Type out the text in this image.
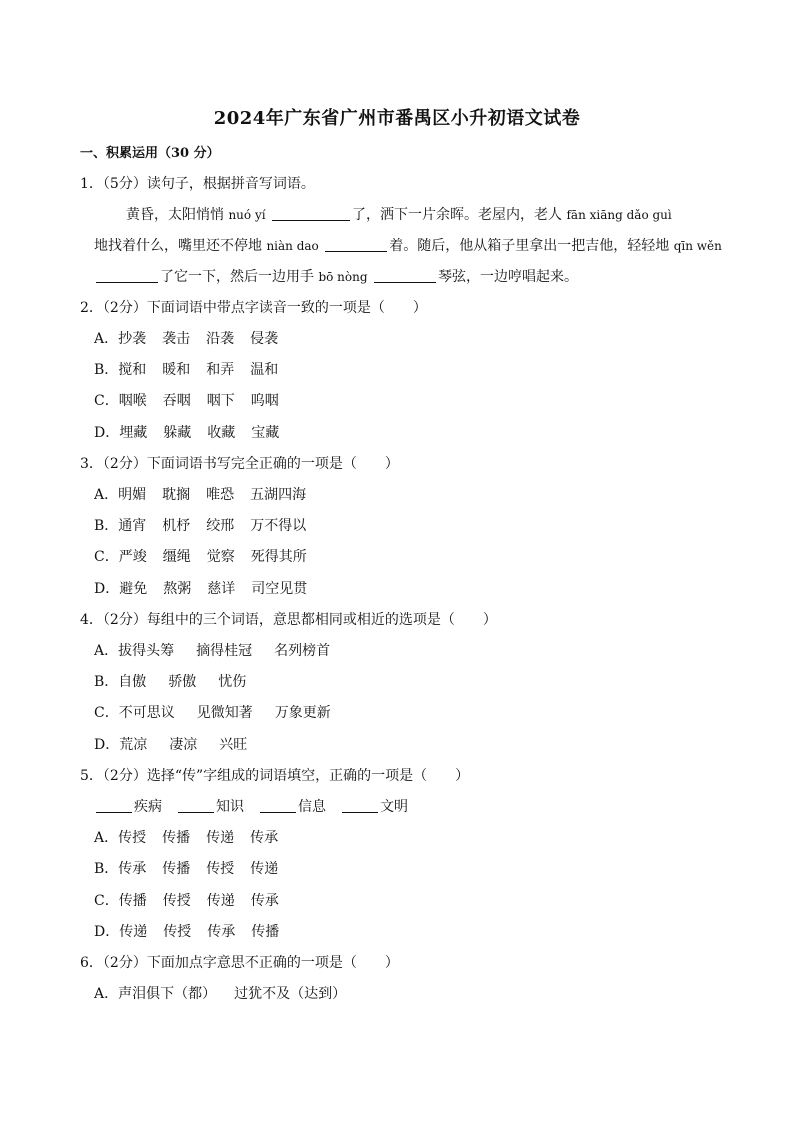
2024年广东省广州市番禺区小升初语文试卷
一、积累运用（30 分）
1．（5分）读句子，根据拼音写词语。
黄昏，太阳悄悄 nuó yí	了，洒下一片余晖。老屋内，老人 fān xiāng dǎo guì
地找着什么，嘴里还不停地 niàn dao	着。随后，他从箱子里拿出一把吉他，轻轻地 qīn wěn
了它一下，然后一边用手 bō nòng	琴弦，一边哼唱起来。
2．（2分）下面词语中带点字读音一致的一项是（　　）
A．抄袭 袭击 沿袭 侵袭
B．搅和 暖和 和弄 温和
C．咽喉 吞咽 咽下 呜咽
D．埋藏 躲藏 收藏 宝藏
3．（2分）下面词语书写完全正确的一项是（　　）
A．明媚 耽搁 唯恐 五湖四海
B．通宵 机杼 绞邢 万不得以
C．严竣 缰绳 觉察 死得其所
D．避免 熬粥 慈详 司空见贯
4．（2分）每组中的三个词语，意思都相同或相近的选项是（　　）
A．拔得头筹 摘得桂冠 名列榜首
B．自傲 骄傲 忧伤
C．不可思议 见微知著 万象更新
D．荒凉 凄凉 兴旺
5．（2分）选择“传”字组成的词语填空，正确的一项是（　　）
疾病	知识	信息	文明
A．传授 传播 传递 传承
B．传承 传播 传授 传递
C．传播 传授 传递 传承
D．传递 传授 传承 传播
6．（2分）下面加点字意思不正确的一项是（　　）
A．声泪俱下（都） 过犹不及（达到）
